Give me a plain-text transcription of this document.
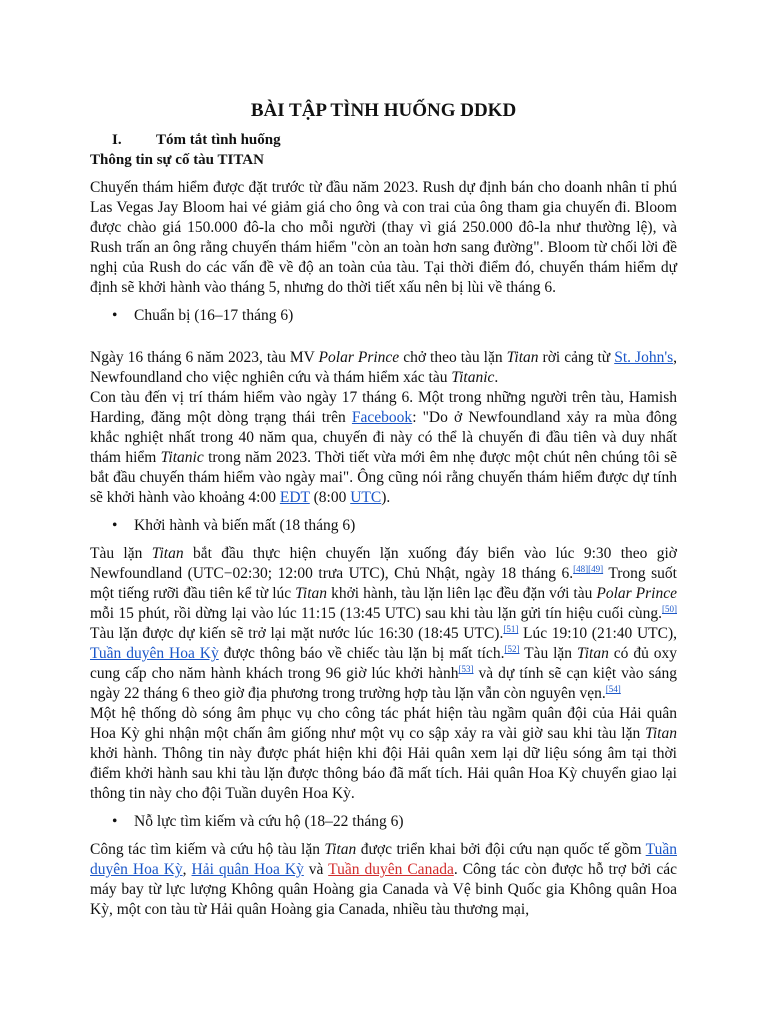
BÀI TẬP TÌNH HUỐNG DDKD
I. Tóm tắt tình huống
Thông tin sự cố tàu TITAN

Chuyến thám hiểm được đặt trước từ đầu năm 2023. Rush dự định bán cho doanh nhân tỉ phú Las Vegas Jay Bloom hai vé giảm giá cho ông và con trai của ông tham gia chuyến đi. Bloom được chào giá 150.000 đô-la cho mỗi người (thay vì giá 250.000 đô-la như thường lệ), và Rush trấn an ông rằng chuyến thám hiểm "còn an toàn hơn sang đường". Bloom từ chối lời đề nghị của Rush do các vấn đề về độ an toàn của tàu. Tại thời điểm đó, chuyến thám hiểm dự định sẽ khởi hành vào tháng 5, nhưng do thời tiết xấu nên bị lùi về tháng 6.

• Chuẩn bị (16–17 tháng 6)

Ngày 16 tháng 6 năm 2023, tàu MV Polar Prince chở theo tàu lặn Titan rời cảng từ St. John's, Newfoundland cho việc nghiên cứu và thám hiểm xác tàu Titanic.

Con tàu đến vị trí thám hiểm vào ngày 17 tháng 6. Một trong những người trên tàu, Hamish Harding, đăng một dòng trạng thái trên Facebook: "Do ở Newfoundland xảy ra mùa đông khắc nghiệt nhất trong 40 năm qua, chuyến đi này có thể là chuyến đi đầu tiên và duy nhất thám hiểm Titanic trong năm 2023. Thời tiết vừa mới êm nhẹ được một chút nên chúng tôi sẽ bắt đầu chuyến thám hiểm vào ngày mai". Ông cũng nói rằng chuyến thám hiểm được dự tính sẽ khởi hành vào khoảng 4:00 EDT (8:00 UTC).

• Khởi hành và biến mất (18 tháng 6)

Tàu lặn Titan bắt đầu thực hiện chuyến lặn xuống đáy biển vào lúc 9:30 theo giờ Newfoundland (UTC−02:30; 12:00 trưa UTC), Chủ Nhật, ngày 18 tháng 6.[48][49] Trong suốt một tiếng rưỡi đầu tiên kể từ lúc Titan khởi hành, tàu lặn liên lạc đều đặn với tàu Polar Prince mỗi 15 phút, rồi dừng lại vào lúc 11:15 (13:45 UTC) sau khi tàu lặn gửi tín hiệu cuối cùng.[50] Tàu lặn được dự kiến sẽ trở lại mặt nước lúc 16:30 (18:45 UTC).[51] Lúc 19:10 (21:40 UTC), Tuần duyên Hoa Kỳ được thông báo về chiếc tàu lặn bị mất tích.[52] Tàu lặn Titan có đủ oxy cung cấp cho năm hành khách trong 96 giờ lúc khởi hành[53] và dự tính sẽ cạn kiệt vào sáng ngày 22 tháng 6 theo giờ địa phương trong trường hợp tàu lặn vẫn còn nguyên vẹn.[54]

Một hệ thống dò sóng âm phục vụ cho công tác phát hiện tàu ngầm quân đội của Hải quân Hoa Kỳ ghi nhận một chấn âm giống như một vụ co sập xảy ra vài giờ sau khi tàu lặn Titan khởi hành. Thông tin này được phát hiện khi đội Hải quân xem lại dữ liệu sóng âm tại thời điểm khởi hành sau khi tàu lặn được thông báo đã mất tích. Hải quân Hoa Kỳ chuyển giao lại thông tin này cho đội Tuần duyên Hoa Kỳ.

• Nỗ lực tìm kiếm và cứu hộ (18–22 tháng 6)

Công tác tìm kiếm và cứu hộ tàu lặn Titan được triển khai bởi đội cứu nạn quốc tế gồm Tuần duyên Hoa Kỳ, Hải quân Hoa Kỳ và Tuần duyên Canada. Công tác còn được hỗ trợ bởi các máy bay từ lực lượng Không quân Hoàng gia Canada và Vệ binh Quốc gia Không quân Hoa Kỳ, một con tàu từ Hải quân Hoàng gia Canada, nhiều tàu thương mại,
